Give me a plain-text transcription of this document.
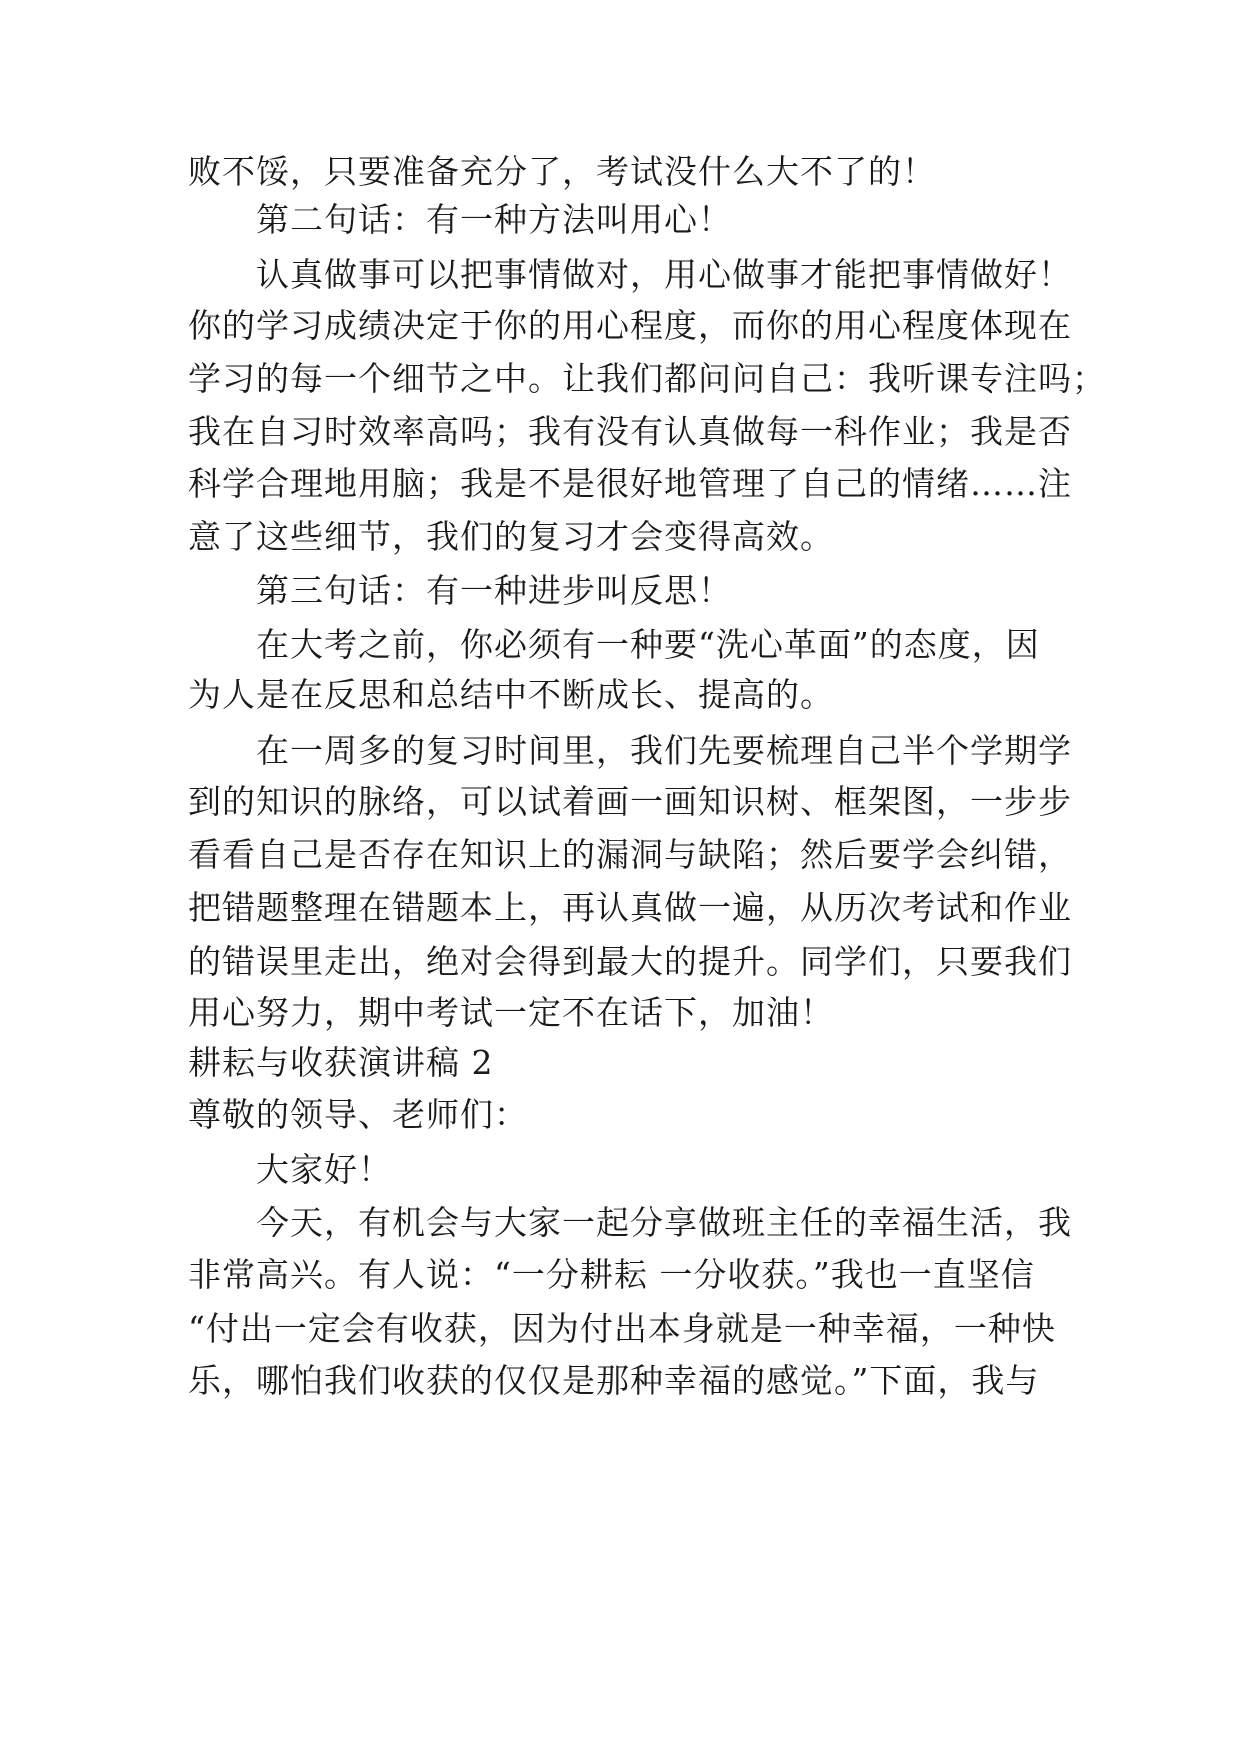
败不馁，只要准备充分了，考试没什么大不了的！
第二句话：有一种方法叫用心！
认真做事可以把事情做对，用心做事才能把事情做好！
你的学习成绩决定于你的用心程度，而你的用心程度体现在
学习的每一个细节之中。让我们都问问自己：我听课专注吗；
我在自习时效率高吗；我有没有认真做每一科作业；我是否
科学合理地用脑；我是不是很好地管理了自己的情绪……注
意了这些细节，我们的复习才会变得高效。
第三句话：有一种进步叫反思！
在大考之前，你必须有一种要“洗心革面”的态度，因
为人是在反思和总结中不断成长、提高的。
在一周多的复习时间里，我们先要梳理自己半个学期学
到的知识的脉络，可以试着画一画知识树、框架图，一步步
看看自己是否存在知识上的漏洞与缺陷；然后要学会纠错，
把错题整理在错题本上，再认真做一遍，从历次考试和作业
的错误里走出，绝对会得到最大的提升。同学们，只要我们
用心努力，期中考试一定不在话下，加油！
耕耘与收获演讲稿 2
尊敬的领导、老师们：
大家好！
今天，有机会与大家一起分享做班主任的幸福生活，我
非常高兴。有人说：“一分耕耘 一分收获。”我也一直坚信
“付出一定会有收获，因为付出本身就是一种幸福，一种快
乐，哪怕我们收获的仅仅是那种幸福的感觉。”下面，我与
